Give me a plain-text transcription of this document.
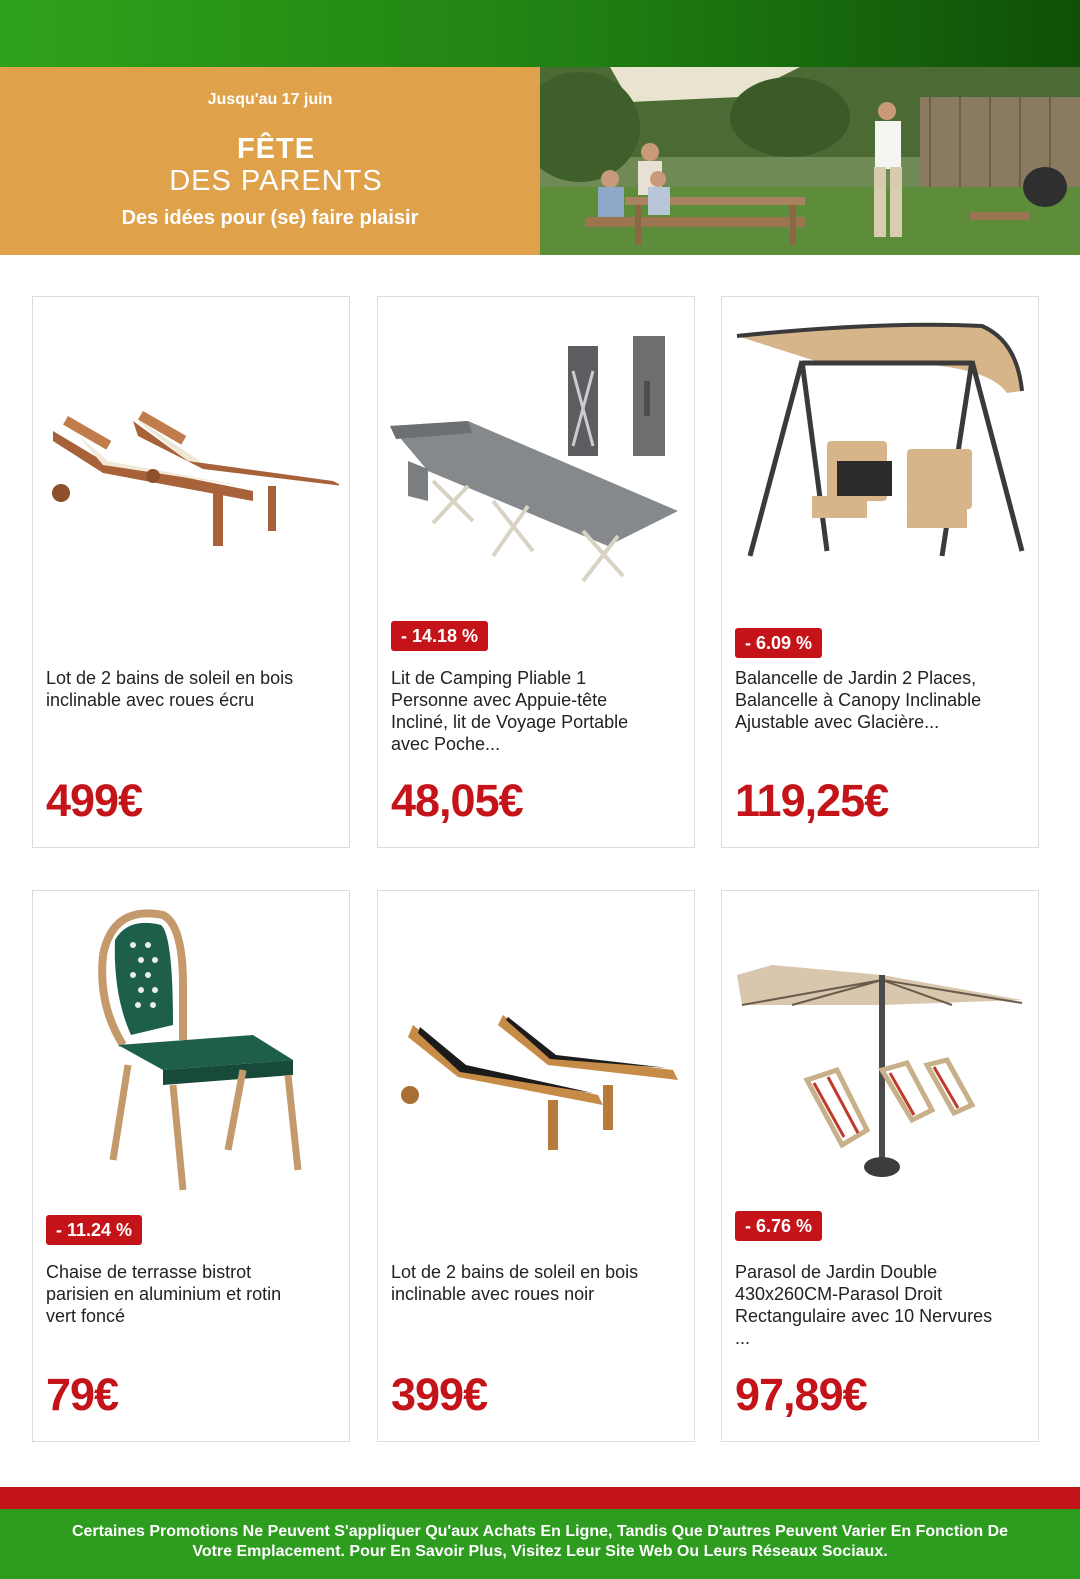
Jusqu'au 17 juin
FÊTE
DES PARENTS
Des idées pour (se) faire plaisir
Lot de 2 bains de soleil en bois inclinable avec roues écru
499€
- 14.18 %
Lit de Camping Pliable 1 Personne avec Appuie-tête Incliné, lit de Voyage Portable avec Poche...
48,05€
- 6.09 %
Balancelle de Jardin 2 Places, Balancelle à Canopy Inclinable Ajustable avec Glacière...
119,25€
- 11.24 %
Chaise de terrasse bistrot parisien en aluminium et rotin vert foncé
79€
Lot de 2 bains de soleil en bois inclinable avec roues noir
399€
- 6.76 %
Parasol de Jardin Double 430x260CM-Parasol Droit Rectangulaire avec 10 Nervures ...
97,89€
Certaines Promotions Ne Peuvent S'appliquer Qu'aux Achats En Ligne, Tandis Que D'autres Peuvent Varier En Fonction De Votre Emplacement. Pour En Savoir Plus, Visitez Leur Site Web Ou Leurs Réseaux Sociaux.
